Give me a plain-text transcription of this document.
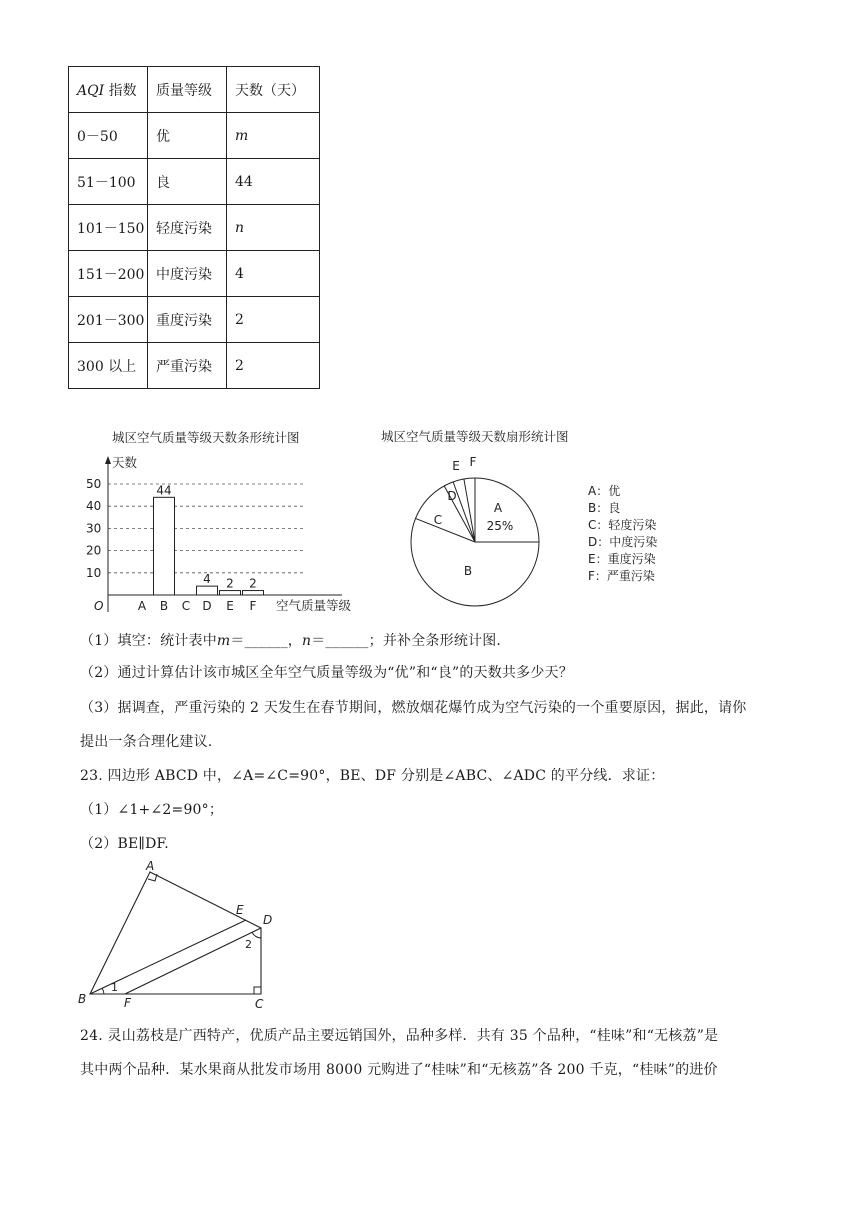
AQI 指数	质量等级	天数（天）
0－50	优	m
51－100	良	44
101－150	轻度污染	n
151－200	中度污染	4
201－300	重度污染	2
300 以上	严重污染	2
城区空气质量等级天数条形统计图
天数
O	空气质量等级
10
20
30
40
50
A B
44
C D
4
E
2
F
2
城区空气质量等级天数扇形统计图
A
25%
B
C
D
E F
A：优
B：良
C：轻度污染
D：中度污染
E：重度污染
F：严重污染
（1）填空：统计表中m＝______，n＝______；并补全条形统计图.
（2）通过计算估计该市城区全年空气质量等级为“优”和“良”的天数共多少天？
（3）据调查，严重污染的 2 天发生在春节期间，燃放烟花爆竹成为空气污染的一个重要原因，据此，请你
提出一条合理化建议.
23. 四边形 ABCD 中，∠A=∠C=90°，BE、DF 分别是∠ABC、∠ADC 的平分线．求证：
（1）∠1+∠2=90°；
（2）BE∥DF.
A
B	C
D
E
F
1
2
24. 灵山荔枝是广西特产，优质产品主要远销国外，品种多样．共有 35 个品种，“桂味”和“无核荔”是
其中两个品种．某水果商从批发市场用 8000 元购进了“桂味”和“无核荔”各 200 千克，“桂味”的进价
